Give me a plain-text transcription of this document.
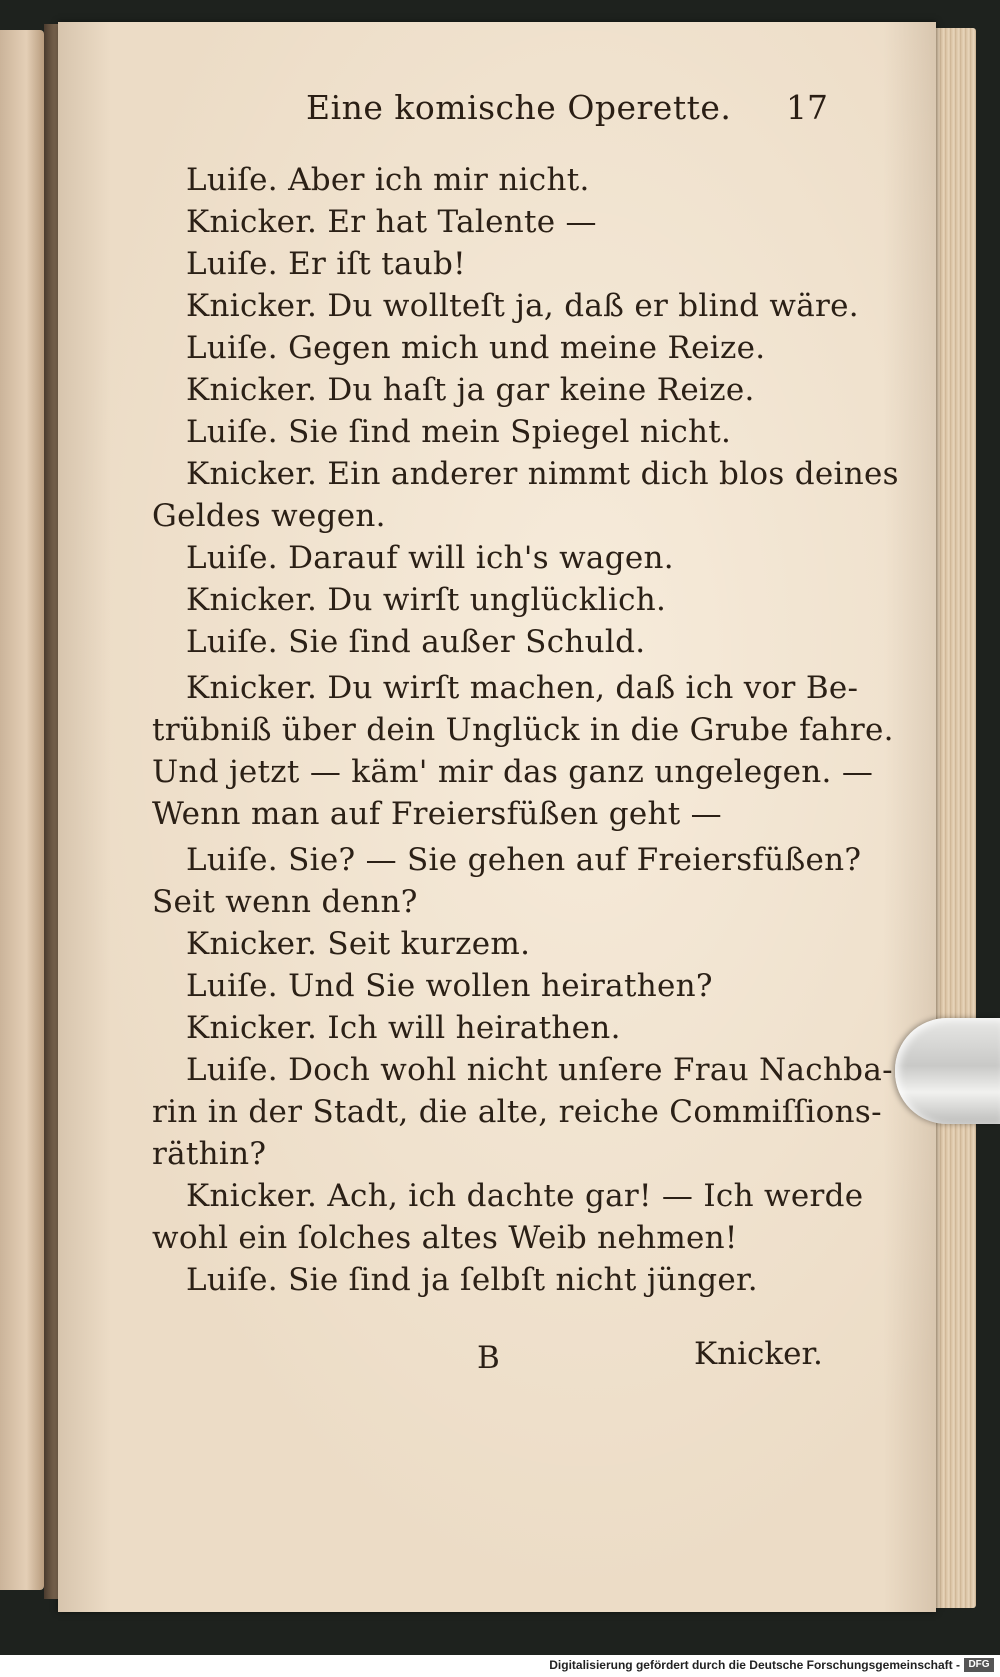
Eine komische Operette. 17
Luiſe. Aber ich mir nicht.
Knicker. Er hat Talente —
Luiſe. Er iſt taub!
Knicker. Du wollteſt ja, daß er blind wäre.
Luiſe. Gegen mich und meine Reize.
Knicker. Du haſt ja gar keine Reize.
Luiſe. Sie ſind mein Spiegel nicht.
Knicker. Ein anderer nimmt dich blos deines
Geldes wegen.
Luiſe. Darauf will ich's wagen.
Knicker. Du wirſt unglücklich.
Luiſe. Sie ſind außer Schuld.
Knicker. Du wirſt machen, daß ich vor Be-
trübniß über dein Unglück in die Grube fahre.
Und jetzt — käm' mir das ganz ungelegen. —
Wenn man auf Freiersfüßen geht —
Luiſe. Sie? — Sie gehen auf Freiersfüßen?
Seit wenn denn?
Knicker. Seit kurzem.
Luiſe. Und Sie wollen heirathen?
Knicker. Ich will heirathen.
Luiſe. Doch wohl nicht unſere Frau Nachba-
rin in der Stadt, die alte, reiche Commiſſions-
räthin?
Knicker. Ach, ich dachte gar! — Ich werde
wohl ein ſolches altes Weib nehmen!
Luiſe. Sie ſind ja ſelbſt nicht jünger.
B	Knicker.
Digitalisierung gefördert durch die Deutsche Forschungsgemeinschaft - DFG
